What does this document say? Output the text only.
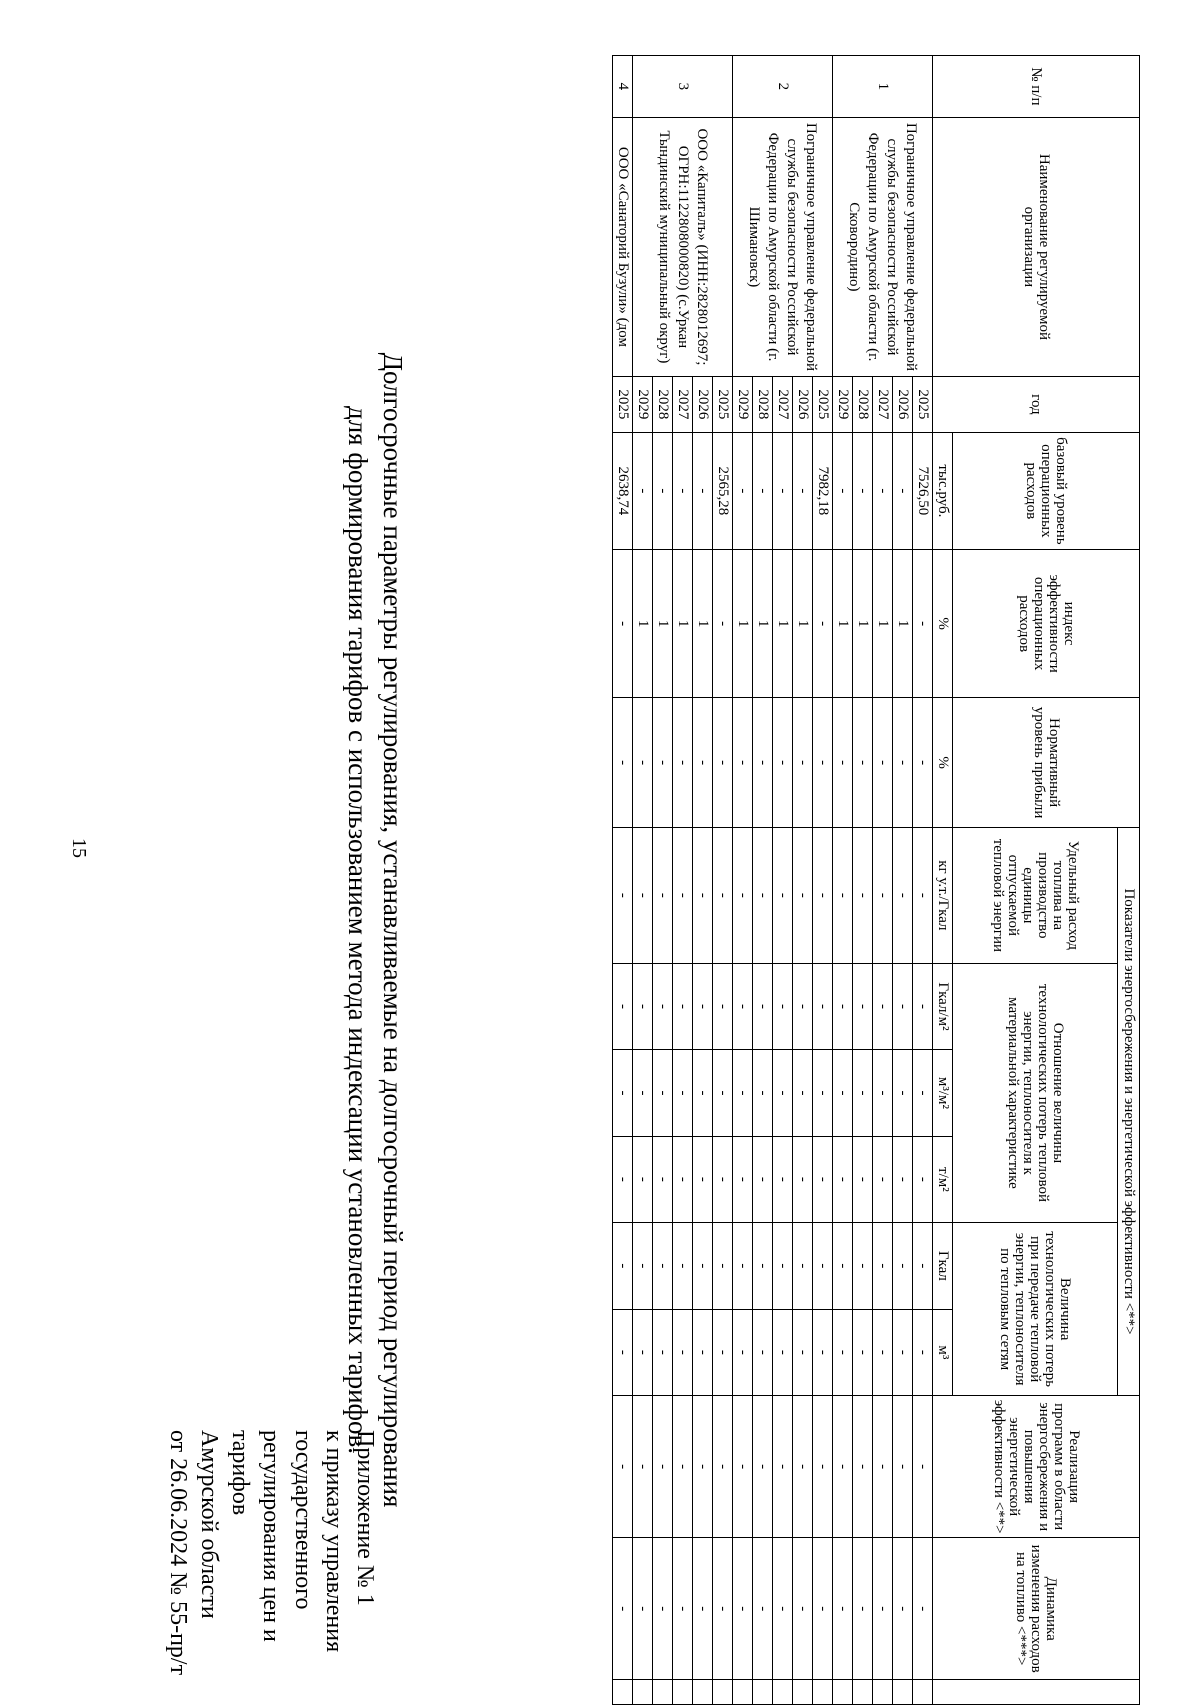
15
Приложение № 1
к приказу управления
государственного
регулирования цен и тарифов
Амурской области
от 26.06.2024 № 55-пр/т
Долгосрочные параметры регулирования, устанавливаемые на долгосрочный период регулирования
для формирования тарифов с использованием метода индексации установленных тарифов.
№ п/п	Наименование регулируемой организации	год	базовый уровень операционных расходов	индекс эффективности операционных расходов	Нормативный уровень прибыли	Показатели энергосбережения и энергетической эффективности <**>						Реализация программ в области энергосбережения и повышения энергетической эффективности <**>	Динамика изменения расходов на топливо <***>	
						Удельный расход топлива на производство единицы отпускаемой тепловой энергии	Отношение величины технологических потерь тепловой энергии, теплоносителя к материальной характеристике			Величина технологических потерь при передаче тепловой энергии, теплоносителя по тепловым сетям				
			тыс.руб.	%	%	кг у.т./Гкал	Гкал/м²	м³/м²	т/м²	Гкал	м³			
1	Пограничное управление федеральной службы безопасности Российской Федерации по Амурской области (г. Сковородино)	2025	7526,50	-	-	-	-	-	-	-	-	-	-	
		2026	-	1	-	-	-	-	-	-	-	-	-	
		2027	-	1	-	-	-	-	-	-	-	-	-	
		2028	-	1	-	-	-	-	-	-	-	-	-	
		2029	-	1	-	-	-	-	-	-	-	-	-	
2	Пограничное управление федеральной службы безопасности Российской Федерации по Амурской области (г. Шимановск)	2025	7982,18	-	-	-	-	-	-	-	-	-	-	
		2026	-	1	-	-	-	-	-	-	-	-	-	
		2027	-	1	-	-	-	-	-	-	-	-	-	
		2028	-	1	-	-	-	-	-	-	-	-	-	
		2029	-	1	-	-	-	-	-	-	-	-	-	
3	ООО «Капиталъ» (ИНН:2828012697; ОГРН:1122808000820) (с.Уркан Тындинский муниципальный округ)	2025	2565,28	-	-	-	-	-	-	-	-	-	-	
		2026	-	1	-	-	-	-	-	-	-	-	-	
		2027	-	1	-	-	-	-	-	-	-	-	-	
		2028	-	1	-	-	-	-	-	-	-	-	-	
		2029	-	1	-	-	-	-	-	-	-	-	-	
4	ООО «Санаторий Бузули» (дом	2025	2638,74	-	-	-	-	-	-	-	-	-	-	
